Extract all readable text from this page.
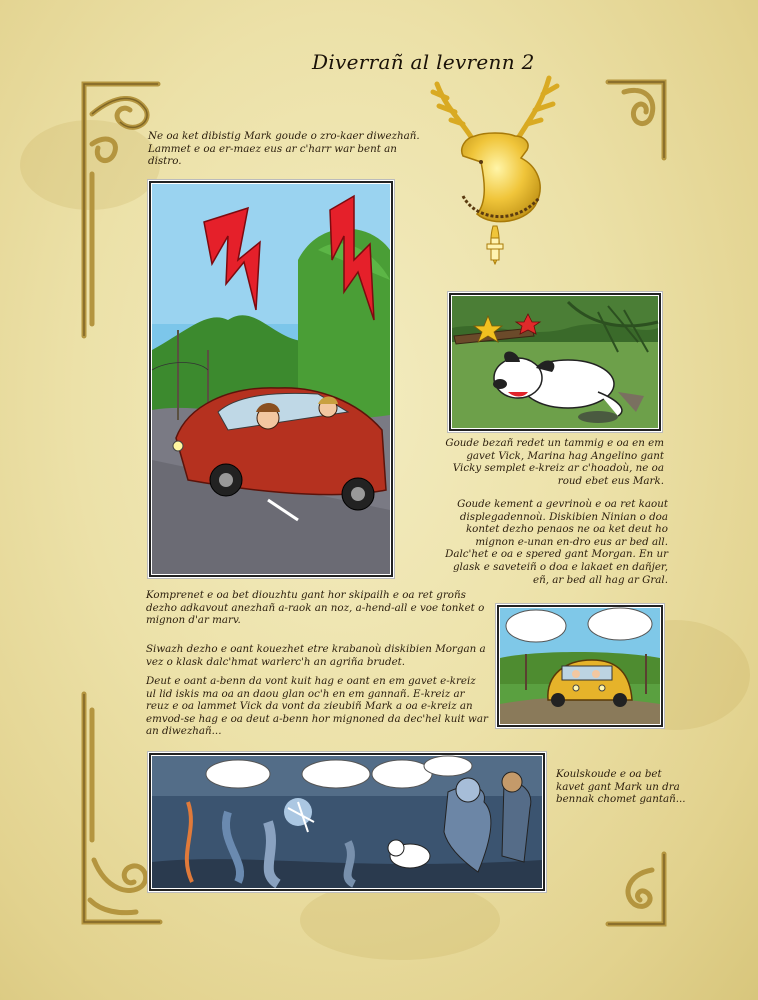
Diverrañ al levrenn 2

Ne oa ket dibistig Mark goude o zro-kaer diwezhañ. Lammet e oa er-maez eus ar c'harr war bent an distro.

Goude bezañ redet un tammig e oa en em gavet Vick, Marina hag Angelino gant Vicky semplet e-kreiz ar c'hoadoù, ne oa roud ebet eus Mark.

Goude kement a gevrinoù e oa ret kaout displegadennoù. Diskibien Ninian o doa kontet dezho penaos ne oa ket deut ho mignon e-unan en-dro eus ar bed all. Dalc'het e oa e spered gant Morgan. En ur glask e saveteiñ o doa e lakaet en dañjer, eñ, ar bed all hag ar Gral.

Komprenet e oa bet diouzhtu gant hor skipailh e oa ret groñs dezho adkavout anezhañ a-raok an noz, a-hend-all e voe tonket o mignon d'ar marv.

Siwazh dezho e oant kouezhet etre krabanoù diskibien Morgan a vez o klask dalc'hmat warlerc'h an agriña brudet.

Deut e oant a-benn da vont kuit hag e oant en em gavet e-kreiz ul lid iskis ma oa an daou glan oc'h en em gannañ. E-kreiz ar reuz e oa lammet Vick da vont da zieubiñ Mark a oa e-kreiz an emvod-se hag e oa deut a-benn hor mignoned da dec'hel kuit war an diwezhañ...

Koulskoude e oa bet kavet gant Mark un dra bennak chomet gantañ...
